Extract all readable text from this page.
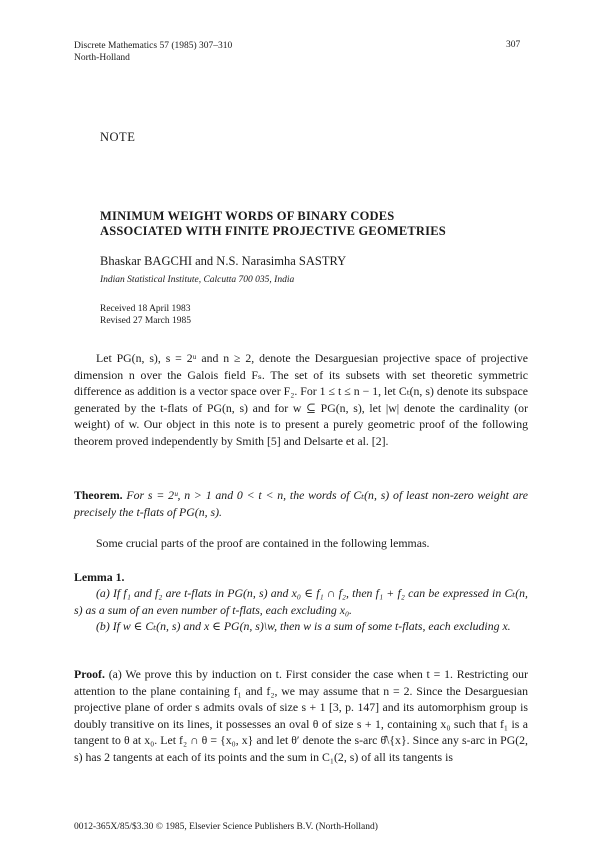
Discrete Mathematics 57 (1985) 307–310
North-Holland
307
NOTE
MINIMUM WEIGHT WORDS OF BINARY CODES
ASSOCIATED WITH FINITE PROJECTIVE GEOMETRIES
Bhaskar BAGCHI and N.S. Narasimha SASTRY
Indian Statistical Institute, Calcutta 700 035, India
Received 18 April 1983
Revised 27 March 1985

Let PG(n, s), s = 2ᵘ and n ≥ 2, denote the Desarguesian projective space of projective dimension n over the Galois field Fₛ. The set of its subsets with set theoretic symmetric difference as addition is a vector space over F₂. For 1 ≤ t ≤ n − 1, let Cₜ(n, s) denote its subspace generated by the t-flats of PG(n, s) and for w ⊆ PG(n, s), let |w| denote the cardinality (or weight) of w. Our object in this note is to present a purely geometric proof of the following theorem proved independently by Smith [5] and Delsarte et al. [2].

Theorem. For s = 2ᵘ, n > 1 and 0 < t < n, the words of Cₜ(n, s) of least non-zero weight are precisely the t-flats of PG(n, s).

Some crucial parts of the proof are contained in the following lemmas.

Lemma 1.

(a) If f₁ and f₂ are t-flats in PG(n, s) and x₀ ∈ f₁ ∩ f₂, then f₁ + f₂ can be expressed in Cₜ(n, s) as a sum of an even number of t-flats, each excluding x₀.

(b) If w ∈ Cₜ(n, s) and x ∈ PG(n, s)\w, then w is a sum of some t-flats, each excluding x.

Proof. (a) We prove this by induction on t. First consider the case when t = 1. Restricting our attention to the plane containing f₁ and f₂, we may assume that n = 2. Since the Desarguesian projective plane of order s admits ovals of size s + 1 [3, p. 147] and its automorphism group is doubly transitive on its lines, it possesses an oval θ of size s + 1, containing x₀ such that f₁ is a tangent to θ at x₀. Let f₂ ∩ θ = {x₀, x} and let θ′ denote the s-arc θ̂\{x}. Since any s-arc in PG(2, s) has 2 tangents at each of its points and the sum in C₁(2, s) of all its tangents is

0012-365X/85/$3.30 © 1985, Elsevier Science Publishers B.V. (North-Holland)
